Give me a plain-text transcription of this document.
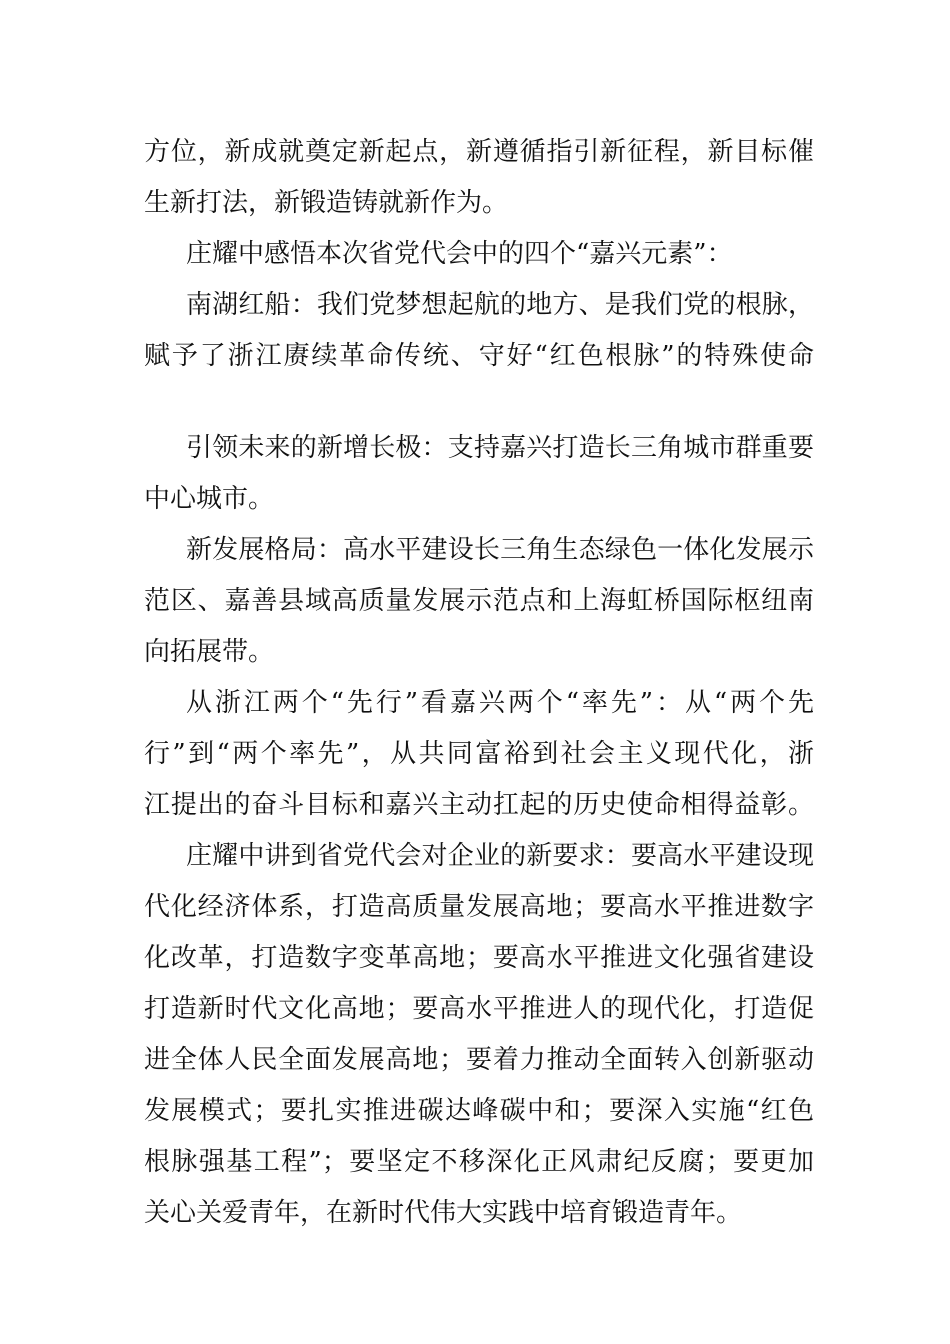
方位，新成就奠定新起点，新遵循指引新征程，新目标催
生新打法，新锻造铸就新作为。
庄耀中感悟本次省党代会中的四个“嘉兴元素”：
南湖红船：我们党梦想起航的地方、是我们党的根脉，
赋予了浙江赓续革命传统、守好“红色根脉”的特殊使命
引领未来的新增长极：支持嘉兴打造长三角城市群重要
中心城市。
新发展格局：高水平建设长三角生态绿色一体化发展示
范区、嘉善县域高质量发展示范点和上海虹桥国际枢纽南
向拓展带。
从浙江两个“先行”看嘉兴两个“率先”：从“两个先
行”到“两个率先”，从共同富裕到社会主义现代化，浙
江提出的奋斗目标和嘉兴主动扛起的历史使命相得益彰。
庄耀中讲到省党代会对企业的新要求：要高水平建设现
代化经济体系，打造高质量发展高地；要高水平推进数字
化改革，打造数字变革高地；要高水平推进文化强省建设
打造新时代文化高地；要高水平推进人的现代化，打造促
进全体人民全面发展高地；要着力推动全面转入创新驱动
发展模式；要扎实推进碳达峰碳中和；要深入实施“红色
根脉强基工程”；要坚定不移深化正风肃纪反腐；要更加
关心关爱青年，在新时代伟大实践中培育锻造青年。
